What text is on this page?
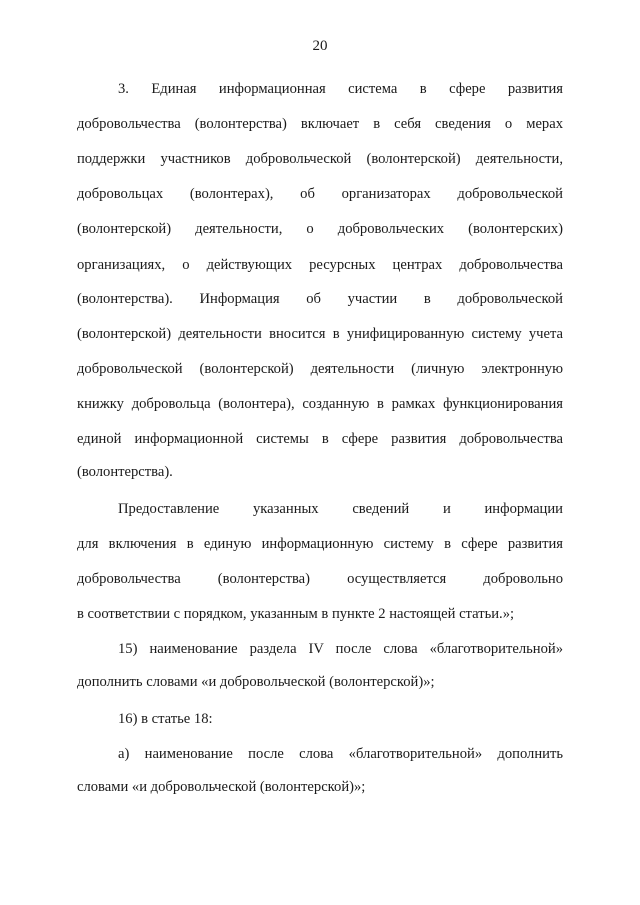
20
3. Единая информационная система в сфере развития
добровольчества (волонтерства) включает в себя сведения о мерах
поддержки участников добровольческой (волонтерской) деятельности,
добровольцах (волонтерах), об организаторах добровольческой
(волонтерской) деятельности, о добровольческих (волонтерских)
организациях, о действующих ресурсных центрах добровольчества
(волонтерства). Информация об участии в добровольческой
(волонтерской) деятельности вносится в унифицированную систему учета
добровольческой (волонтерской) деятельности (личную электронную
книжку добровольца (волонтера), созданную в рамках функционирования
единой информационной системы в сфере развития добровольчества
(волонтерства).
Предоставление указанных сведений и информации
для включения в единую информационную систему в сфере развития
добровольчества (волонтерства) осуществляется добровольно
в соответствии с порядком, указанным в пункте 2 настоящей статьи.»;
15) наименование раздела IV после слова «благотворительной»
дополнить словами «и добровольческой (волонтерской)»;
16) в статье 18:
а) наименование после слова «благотворительной» дополнить
словами «и добровольческой (волонтерской)»;
